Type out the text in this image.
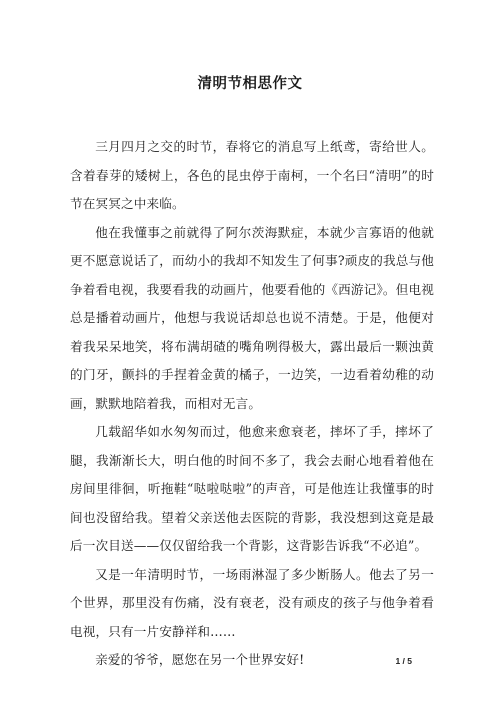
清明节相思作文

三月四月之交的时节，春将它的消息写上纸鸢，寄给世人。含着春芽的矮树上，各色的昆虫停于南柯，一个名曰“清明”的时节在冥冥之中来临。

他在我懂事之前就得了阿尔茨海默症，本就少言寡语的他就更不愿意说话了，而幼小的我却不知发生了何事?顽皮的我总与他争着看电视，我要看我的动画片，他要看他的《西游记》。但电视总是播着动画片，他想与我说话却总也说不清楚。于是，他便对着我呆呆地笑，将布满胡碴的嘴角咧得极大，露出最后一颗浊黄的门牙，颤抖的手捏着金黄的橘子，一边笑，一边看着幼稚的动画，默默地陪着我，而相对无言。

几载韶华如水匆匆而过，他愈来愈衰老，摔坏了手，摔坏了腿，我渐渐长大，明白他的时间不多了，我会去耐心地看着他在房间里徘徊，听拖鞋“哒啦哒啦”的声音，可是他连让我懂事的时间也没留给我。望着父亲送他去医院的背影，我没想到这竟是最后一次目送——仅仅留给我一个背影，这背影告诉我“不必追”。

又是一年清明时节，一场雨淋湿了多少断肠人。他去了另一个世界，那里没有伤痛，没有衰老，没有顽皮的孩子与他争着看电视，只有一片安静祥和……

亲爱的爷爷，愿您在另一个世界安好!	1 / 5
